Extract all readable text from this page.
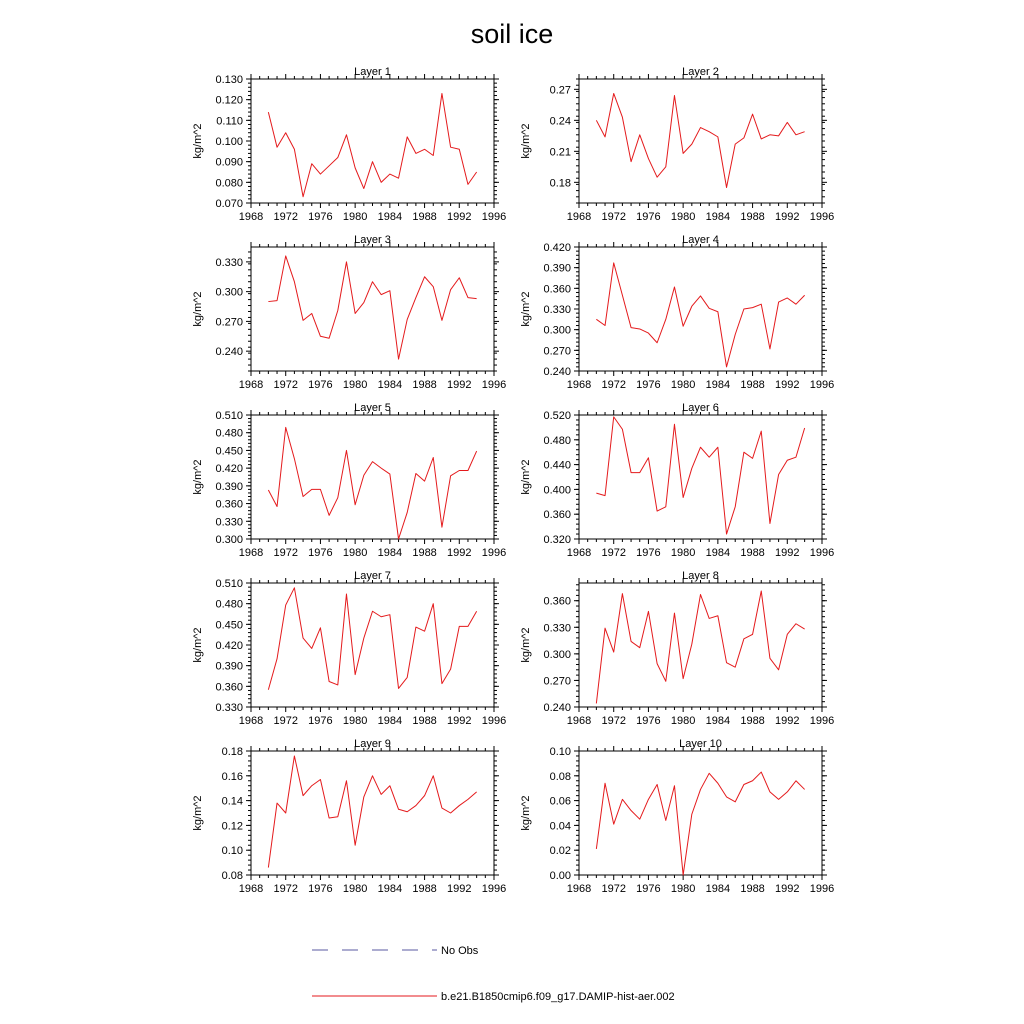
soil ice
Layer 1
1968 1972 1976 1980 1984 1988 1992 1996
0.070
0.080
0.090
0.100
0.110
0.120
0.130
kg/m^2
Layer 2
1968 1972 1976 1980 1984 1988 1992 1996
0.18
0.21
0.24
0.27
kg/m^2
Layer 3
1968 1972 1976 1980 1984 1988 1992 1996
0.240
0.270
0.300
0.330
kg/m^2
Layer 4
1968 1972 1976 1980 1984 1988 1992 1996
0.240
0.270
0.300
0.330
0.360
0.390
0.420
kg/m^2
Layer 5
1968 1972 1976 1980 1984 1988 1992 1996
0.300
0.330
0.360
0.390
0.420
0.450
0.480
0.510
kg/m^2
Layer 6
1968 1972 1976 1980 1984 1988 1992 1996
0.320
0.360
0.400
0.440
0.480
0.520
kg/m^2
Layer 7
1968 1972 1976 1980 1984 1988 1992 1996
0.330
0.360
0.390
0.420
0.450
0.480
0.510
kg/m^2
Layer 8
1968 1972 1976 1980 1984 1988 1992 1996
0.240
0.270
0.300
0.330
0.360
kg/m^2
Layer 9
1968 1972 1976 1980 1984 1988 1992 1996
0.08
0.10
0.12
0.14
0.16
0.18
kg/m^2
Layer 10
1968 1972 1976 1980 1984 1988 1992 1996
0.00
0.02
0.04
0.06
0.08
0.10
kg/m^2
No Obs
b.e21.B1850cmip6.f09_g17.DAMIP-hist-aer.002
